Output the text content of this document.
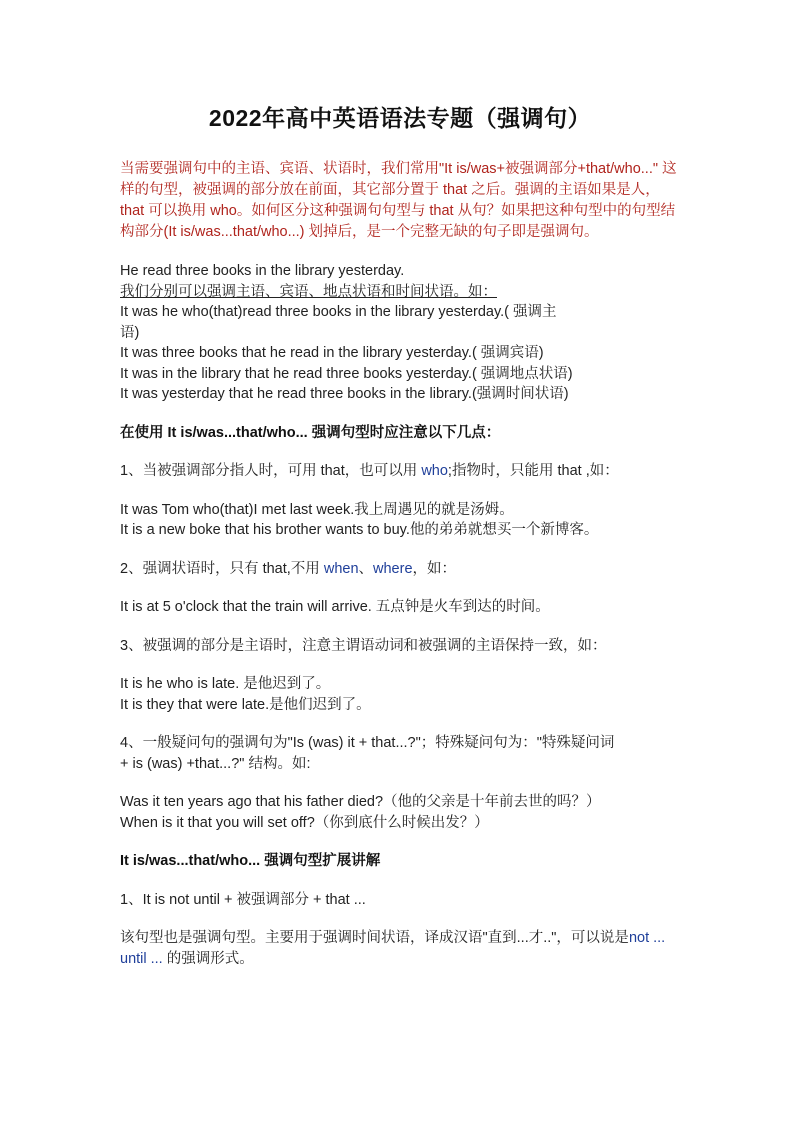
2022年高中英语语法专题（强调句）

当需要强调句中的主语、宾语、状语时，我们常用"It is/was+被强调部分+that/who..." 这样的句型，被强调的部分放在前面，其它部分置于 that 之后。强调的主语如果是人，that 可以换用 who。如何区分这种强调句句型与 that 从句？如果把这种句型中的句型结构部分(It is/was...that/who...) 划掉后，是一个完整无缺的句子即是强调句。

He read three books in the library yesterday.

我们分别可以强调主语、宾语、地点状语和时间状语。如：

It was he who(that)read three books in the library yesterday.( 强调主

语)

It was three books that he read in the library yesterday.( 强调宾语)

It was in the library that he read three books yesterday.( 强调地点状语)

It was yesterday that he read three books in the library.(强调时间状语)

在使用 It is/was...that/who... 强调句型时应注意以下几点：

1、当被强调部分指人时，可用 that，也可以用 who;指物时，只能用 that ,如：

It was Tom who(that)I met last week.我上周遇见的就是汤姆。

It is a new boke that his brother wants to buy.他的弟弟就想买一个新博客。

2、强调状语时，只有 that,不用 when、where，如：

It is at 5 o'clock that the train will arrive. 五点钟是火车到达的时间。

3、被强调的部分是主语时，注意主谓语动词和被强调的主语保持一致，如：

It is he who is late. 是他迟到了。

It is they that were late.是他们迟到了。

4、一般疑问句的强调句为"Is (was) it + that...?"；特殊疑问句为："特殊疑问词

+ is (was) +that...?" 结构。如:

Was it ten years ago that his father died?（他的父亲是十年前去世的吗？）

When is it that you will set off?（你到底什么时候出发？）

It is/was...that/who... 强调句型扩展讲解

1、It is not until + 被强调部分 + that ...

该句型也是强调句型。主要用于强调时间状语，译成汉语"直到...才.."，可以说是not ... until ... 的强调形式。
